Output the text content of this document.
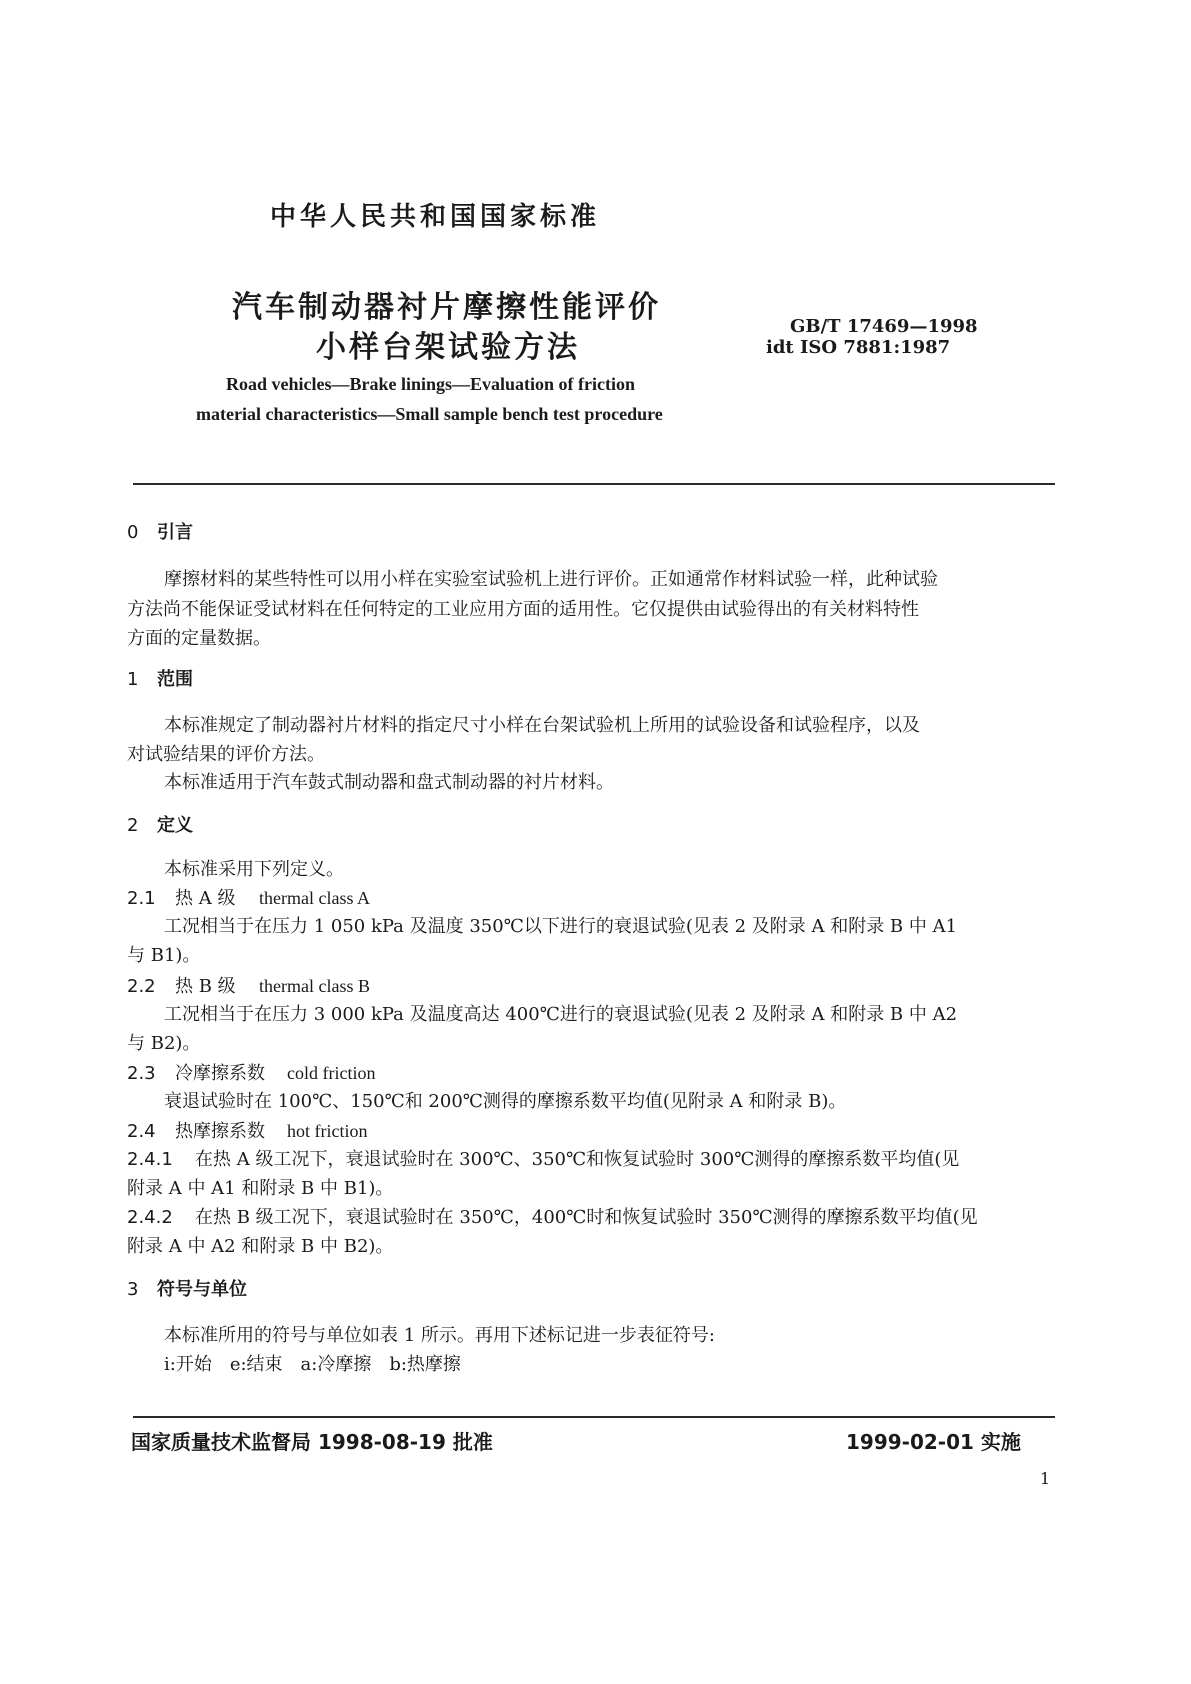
中华人民共和国国家标准
汽车制动器衬片摩擦性能评价
小样台架试验方法
GB/T 17469—1998
idt ISO 7881:1987
Road vehicles—Brake linings—Evaluation of friction
material characteristics—Small sample bench test procedure
0 引言
摩擦材料的某些特性可以用小样在实验室试验机上进行评价。正如通常作材料试验一样，此种试验
方法尚不能保证受试材料在任何特定的工业应用方面的适用性。它仅提供由试验得出的有关材料特性
方面的定量数据。
1 范围
本标准规定了制动器衬片材料的指定尺寸小样在台架试验机上所用的试验设备和试验程序，以及
对试验结果的评价方法。
本标准适用于汽车鼓式制动器和盘式制动器的衬片材料。
2 定义
本标准采用下列定义。
2.1 热 A 级 thermal class A
工况相当于在压力 1 050 kPa 及温度 350℃以下进行的衰退试验(见表 2 及附录 A 和附录 B 中 A1
与 B1)。
2.2 热 B 级 thermal class B
工况相当于在压力 3 000 kPa 及温度高达 400℃进行的衰退试验(见表 2 及附录 A 和附录 B 中 A2
与 B2)。
2.3 冷摩擦系数 cold friction
衰退试验时在 100℃、150℃和 200℃测得的摩擦系数平均值(见附录 A 和附录 B)。
2.4 热摩擦系数 hot friction
2.4.1 在热 A 级工况下，衰退试验时在 300℃、350℃和恢复试验时 300℃测得的摩擦系数平均值(见
附录 A 中 A1 和附录 B 中 B1)。
2.4.2 在热 B 级工况下，衰退试验时在 350℃，400℃时和恢复试验时 350℃测得的摩擦系数平均值(见
附录 A 中 A2 和附录 B 中 B2)。
3 符号与单位
本标准所用的符号与单位如表 1 所示。再用下述标记进一步表征符号:
i:开始　e:结束　a:冷摩擦　b:热摩擦
国家质量技术监督局 1998-08-19 批准	1999-02-01 实施
1
